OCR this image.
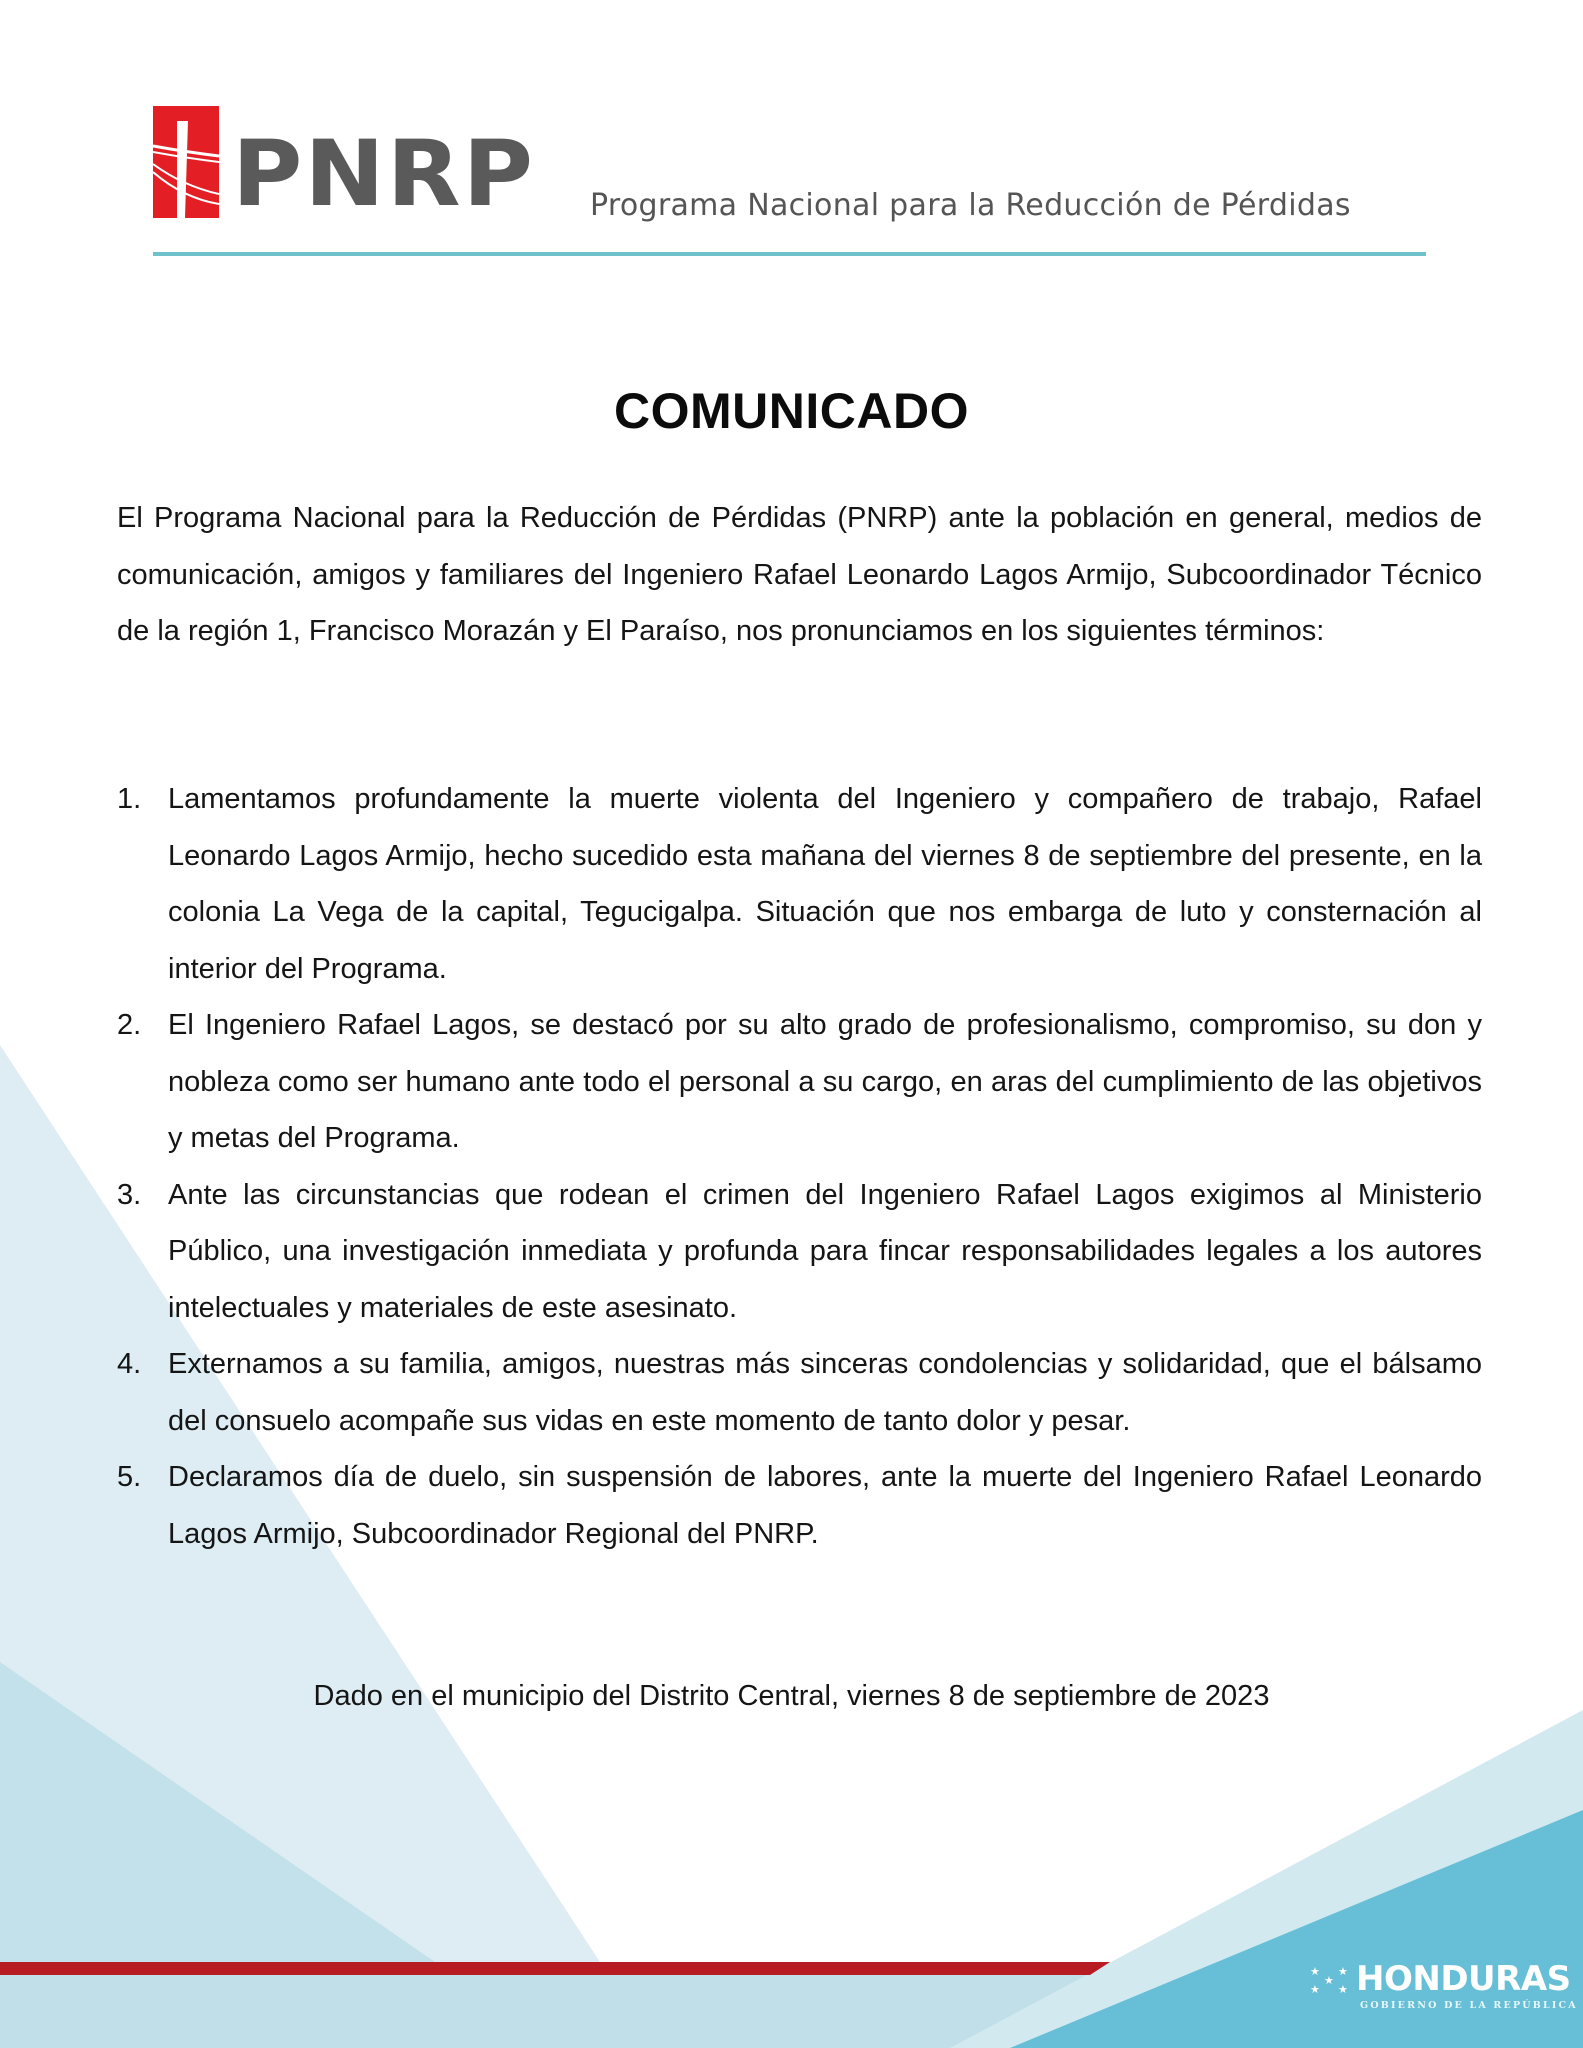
PNRP Programa Nacional para la Reducción de Pérdidas
COMUNICADO

El Programa Nacional para la Reducción de Pérdidas (PNRP) ante la población en general, medios de comunicación, amigos y familiares del Ingeniero Rafael Leonardo Lagos Armijo, Subcoordinador Técnico de la región 1, Francisco Morazán y El Paraíso, nos pronunciamos en los siguientes términos:

1. Lamentamos profundamente la muerte violenta del Ingeniero y compañero de trabajo, Rafael Leonardo Lagos Armijo, hecho sucedido esta mañana del viernes 8 de septiembre del presente, en la colonia La Vega de la capital, Tegucigalpa. Situación que nos embarga de luto y consternación al interior del Programa.
2. El Ingeniero Rafael Lagos, se destacó por su alto grado de profesionalismo, compromiso, su don y nobleza como ser humano ante todo el personal a su cargo, en aras del cumplimiento de las objetivos y metas del Programa.
3. Ante las circunstancias que rodean el crimen del Ingeniero Rafael Lagos exigimos al Ministerio Público, una investigación inmediata y profunda para fincar responsabilidades legales a los autores intelectuales y materiales de este asesinato.
4. Externamos a su familia, amigos, nuestras más sinceras condolencias y solidaridad, que el bálsamo del consuelo acompañe sus vidas en este momento de tanto dolor y pesar.
5. Declaramos día de duelo, sin suspensión de labores, ante la muerte del Ingeniero Rafael Leonardo Lagos Armijo, Subcoordinador Regional del PNRP.
Dado en el municipio del Distrito Central, viernes 8 de septiembre de 2023
★ ★
★
★ ★ HONDURAS
GOBIERNO DE LA REPÚBLICA
